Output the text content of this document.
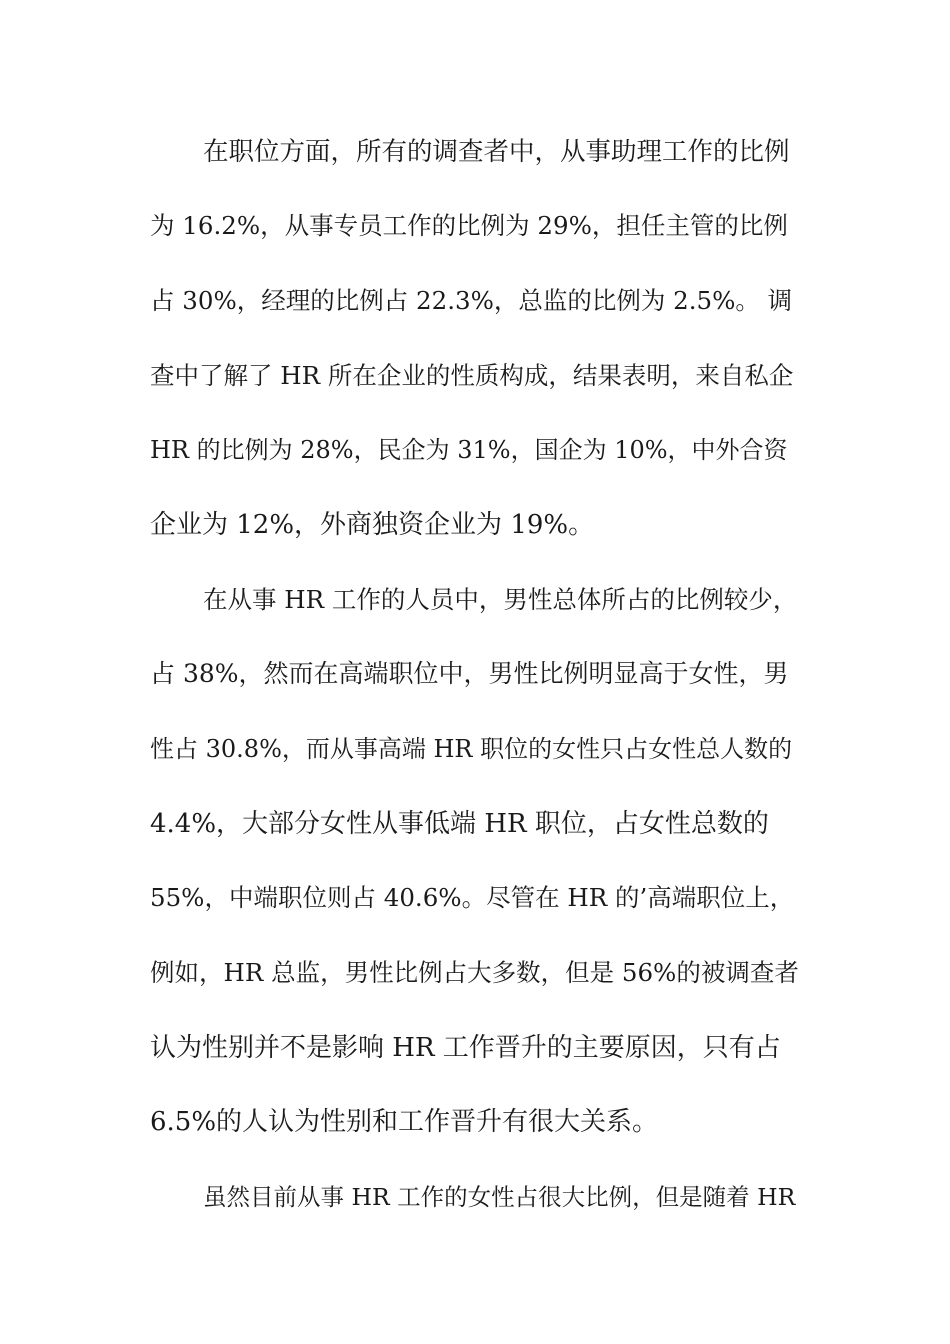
在职位方面，所有的调查者中，从事助理工作的比例

为 16.2%，从事专员工作的比例为 29%，担任主管的比例

占 30%，经理的比例占 22.3%，总监的比例为 2.5%。 调

查中了解了 HR 所在企业的性质构成，结果表明，来自私企

HR 的比例为 28%，民企为 31%，国企为 10%，中外合资

企业为 12%，外商独资企业为 19%。

在从事 HR 工作的人员中，男性总体所占的比例较少，

占 38%，然而在高端职位中，男性比例明显高于女性，男

性占 30.8%，而从事高端 HR 职位的女性只占女性总人数的

4.4%，大部分女性从事低端 HR 职位，占女性总数的

55%，中端职位则占 40.6%。尽管在 HR 的’高端职位上，

例如，HR 总监，男性比例占大多数，但是 56%的被调查者

认为性别并不是影响 HR 工作晋升的主要原因，只有占

6.5%的人认为性别和工作晋升有很大关系。

虽然目前从事 HR 工作的女性占很大比例，但是随着 HR
